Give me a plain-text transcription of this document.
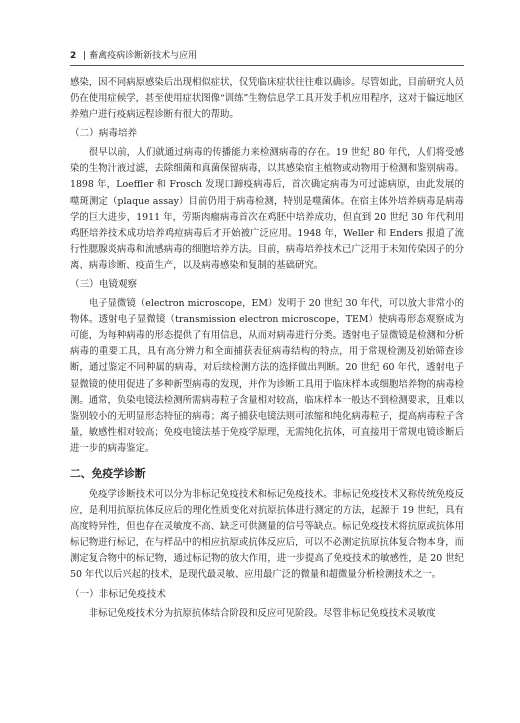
2 | 畜禽疫病诊断新技术与应用

感染，因不同病原感染后出现相似症状，仅凭临床症状往往难以确诊。尽管如此，目前研究人员仍在使用症候学，甚至使用症状图像“训练”生物信息学工具开发手机应用程序，这对于偏远地区养殖户进行疫病远程诊断有很大的帮助。

（二）病毒培养

很早以前，人们就通过病毒的传播能力来检测病毒的存在。19 世纪 80 年代，人们将受感染的生物汁液过滤，去除细菌和真菌保留病毒，以其感染宿主植物或动物用于检测和鉴别病毒。1898 年，Loeffler 和 Frosch 发现口蹄疫病毒后，首次确定病毒为可过滤病原，由此发展的噬斑测定（plaque assay）目前仍用于病毒检测，特别是噬菌体。在宿主体外培养病毒是病毒学的巨大进步，1911 年，劳斯肉瘤病毒首次在鸡胚中培养成功，但直到 20 世纪 30 年代利用鸡胚培养技术成功培养鸡痘病毒后才开始被广泛应用。1948 年，Weller 和 Enders 报道了流行性腮腺炎病毒和流感病毒的细胞培养方法。目前，病毒培养技术已广泛用于未知传染因子的分离、病毒诊断、疫苗生产，以及病毒感染和复制的基础研究。

（三）电镜观察

电子显微镜（electron microscope，EM）发明于 20 世纪 30 年代，可以放大非常小的物体。透射电子显微镜（transmission electron microscope，TEM）使病毒形态观察成为可能，为每种病毒的形态提供了有用信息，从而对病毒进行分类。透射电子显微镜是检测和分析病毒的重要工具，具有高分辨力和全面捕获表征病毒结构的特点，用于常规检测及初始筛查诊断，通过鉴定不同种属的病毒，对后续检测方法的选择做出判断。20 世纪 60 年代，透射电子显微镜的使用促进了多种新型病毒的发现，并作为诊断工具用于临床样本或细胞培养物的病毒检测。通常，负染电镜法检测所需病毒粒子含量相对较高，临床样本一般达不到检测要求，且难以鉴别较小的无明显形态特征的病毒；离子捕获电镜法则可浓缩和纯化病毒粒子，提高病毒粒子含量，敏感性相对较高；免疫电镜法基于免疫学原理，无需纯化抗体，可直接用于常规电镜诊断后进一步的病毒鉴定。

二、免疫学诊断

免疫学诊断技术可以分为非标记免疫技术和标记免疫技术。非标记免疫技术又称传统免疫反应，是利用抗原抗体反应后的理化性质变化对抗原抗体进行测定的方法，起源于 19 世纪，具有高度特异性，但也存在灵敏度不高、缺乏可供测量的信号等缺点。标记免疫技术将抗原或抗体用标记物进行标记，在与样品中的相应抗原或抗体反应后，可以不必测定抗原抗体复合物本身，而测定复合物中的标记物，通过标记物的放大作用，进一步提高了免疫技术的敏感性，是 20 世纪 50 年代以后兴起的技术，是现代最灵敏、应用最广泛的微量和超微量分析检测技术之一。

（一）非标记免疫技术

非标记免疫技术分为抗原抗体结合阶段和反应可见阶段。尽管非标记免疫技术灵敏度
